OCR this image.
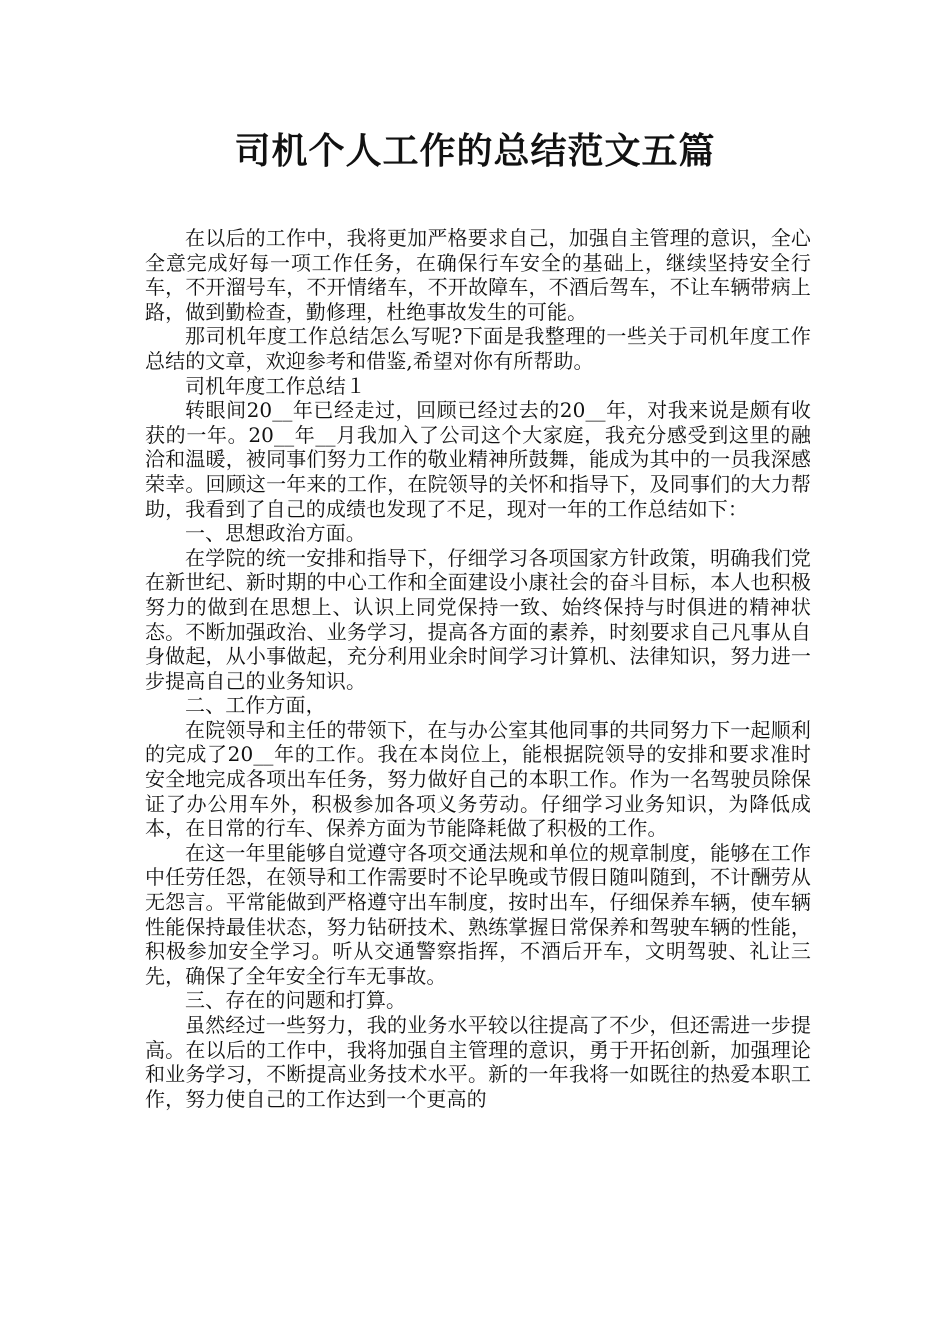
司机个人工作的总结范文五篇

在以后的工作中，我将更加严格要求自己，加强自主管理的意识，全心全意完成好每一项工作任务，在确保行车安全的基础上，继续坚持安全行车，不开溜号车，不开情绪车，不开故障车，不酒后驾车，不让车辆带病上路，做到勤检查，勤修理，杜绝事故发生的可能。

那司机年度工作总结怎么写呢?下面是我整理的一些关于司机年度工作总结的文章，欢迎参考和借鉴,希望对你有所帮助。

司机年度工作总结１

转眼间20__年已经走过，回顾已经过去的20__年，对我来说是颇有收获的一年。20__年__月我加入了公司这个大家庭，我充分感受到这里的融洽和温暖，被同事们努力工作的敬业精神所鼓舞，能成为其中的一员我深感荣幸。回顾这一年来的工作，在院领导的关怀和指导下，及同事们的大力帮助，我看到了自己的成绩也发现了不足，现对一年的工作总结如下：

一、思想政治方面。

在学院的统一安排和指导下，仔细学习各项国家方针政策，明确我们党在新世纪、新时期的中心工作和全面建设小康社会的奋斗目标，本人也积极努力的做到在思想上、认识上同党保持一致、始终保持与时俱进的精神状态。不断加强政治、业务学习，提高各方面的素养，时刻要求自己凡事从自身做起，从小事做起，充分利用业余时间学习计算机、法律知识，努力进一步提高自己的业务知识。

二、工作方面，

在院领导和主任的带领下，在与办公室其他同事的共同努力下一起顺利的完成了20__年的工作。我在本岗位上，能根据院领导的安排和要求准时安全地完成各项出车任务，努力做好自己的本职工作。作为一名驾驶员除保证了办公用车外，积极参加各项义务劳动。仔细学习业务知识，为降低成本，在日常的行车、保养方面为节能降耗做了积极的工作。

在这一年里能够自觉遵守各项交通法规和单位的规章制度，能够在工作中任劳任怨，在领导和工作需要时不论早晚或节假日随叫随到，不计酬劳从无怨言。平常能做到严格遵守出车制度，按时出车，仔细保养车辆，使车辆性能保持最佳状态，努力钻研技术、熟练掌握日常保养和驾驶车辆的性能，积极参加安全学习。听从交通警察指挥，不酒后开车，文明驾驶、礼让三先，确保了全年安全行车无事故。

三、存在的问题和打算。

虽然经过一些努力，我的业务水平较以往提高了不少，但还需进一步提高。在以后的工作中，我将加强自主管理的意识，勇于开拓创新，加强理论和业务学习，不断提高业务技术水平。新的一年我将一如既往的热爱本职工作，努力使自己的工作达到一个更高的
